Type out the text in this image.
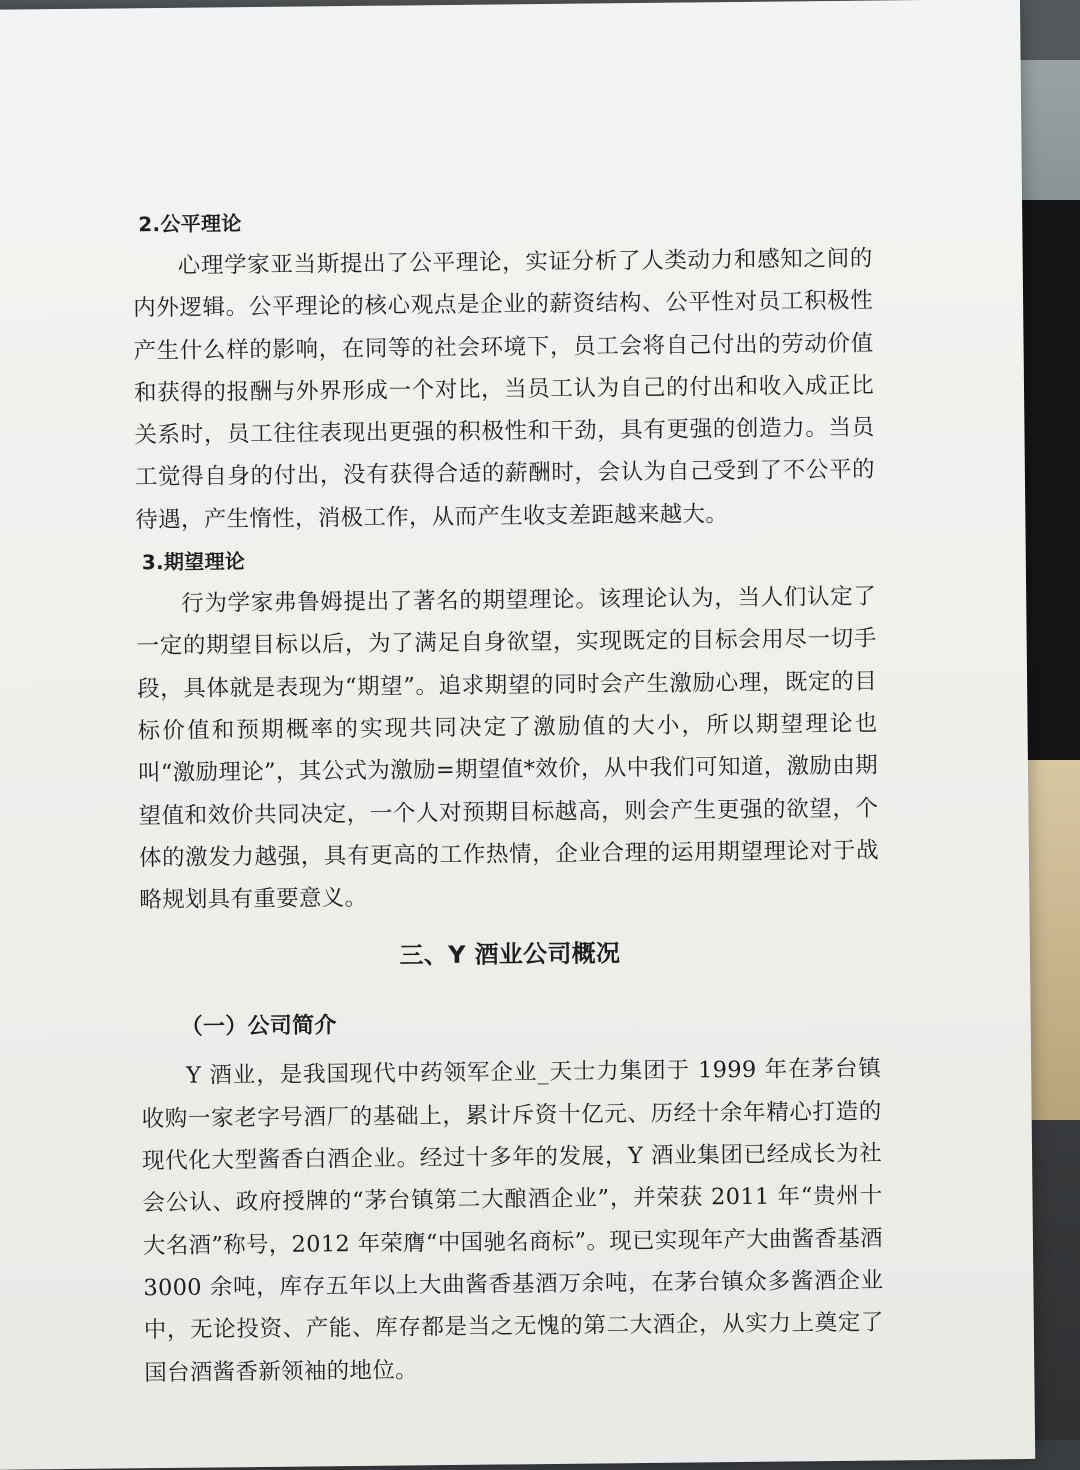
2.公平理论

心理学家亚当斯提出了公平理论，实证分析了人类动力和感知之间的内外逻辑。公平理论的核心观点是企业的薪资结构、公平性对员工积极性产生什么样的影响，在同等的社会环境下，员工会将自己付出的劳动价值和获得的报酬与外界形成一个对比，当员工认为自己的付出和收入成正比关系时，员工往往表现出更强的积极性和干劲，具有更强的创造力。当员工觉得自身的付出，没有获得合适的薪酬时，会认为自己受到了不公平的待遇，产生惰性，消极工作，从而产生收支差距越来越大。

3.期望理论

行为学家弗鲁姆提出了著名的期望理论。该理论认为，当人们认定了一定的期望目标以后，为了满足自身欲望，实现既定的目标会用尽一切手段，具体就是表现为“期望”。追求期望的同时会产生激励心理，既定的目标价值和预期概率的实现共同决定了激励值的大小，所以期望理论也叫“激励理论”，其公式为激励=期望值*效价，从中我们可知道，激励由期望值和效价共同决定，一个人对预期目标越高，则会产生更强的欲望，个体的激发力越强，具有更高的工作热情，企业合理的运用期望理论对于战略规划具有重要意义。

三、Y 酒业公司概况
（一）公司简介

Y 酒业，是我国现代中药领军企业_天士力集团于 1999 年在茅台镇收购一家老字号酒厂的基础上，累计斥资十亿元、历经十余年精心打造的现代化大型酱香白酒企业。经过十多年的发展，Y 酒业集团已经成长为社会公认、政府授牌的“茅台镇第二大酿酒企业”，并荣获 2011 年“贵州十大名酒”称号，2012 年荣膺“中国驰名商标”。现已实现年产大曲酱香基酒 3000 余吨，库存五年以上大曲酱香基酒万余吨，在茅台镇众多酱酒企业中，无论投资、产能、库存都是当之无愧的第二大酒企，从实力上奠定了国台酒酱香新领袖的地位。
